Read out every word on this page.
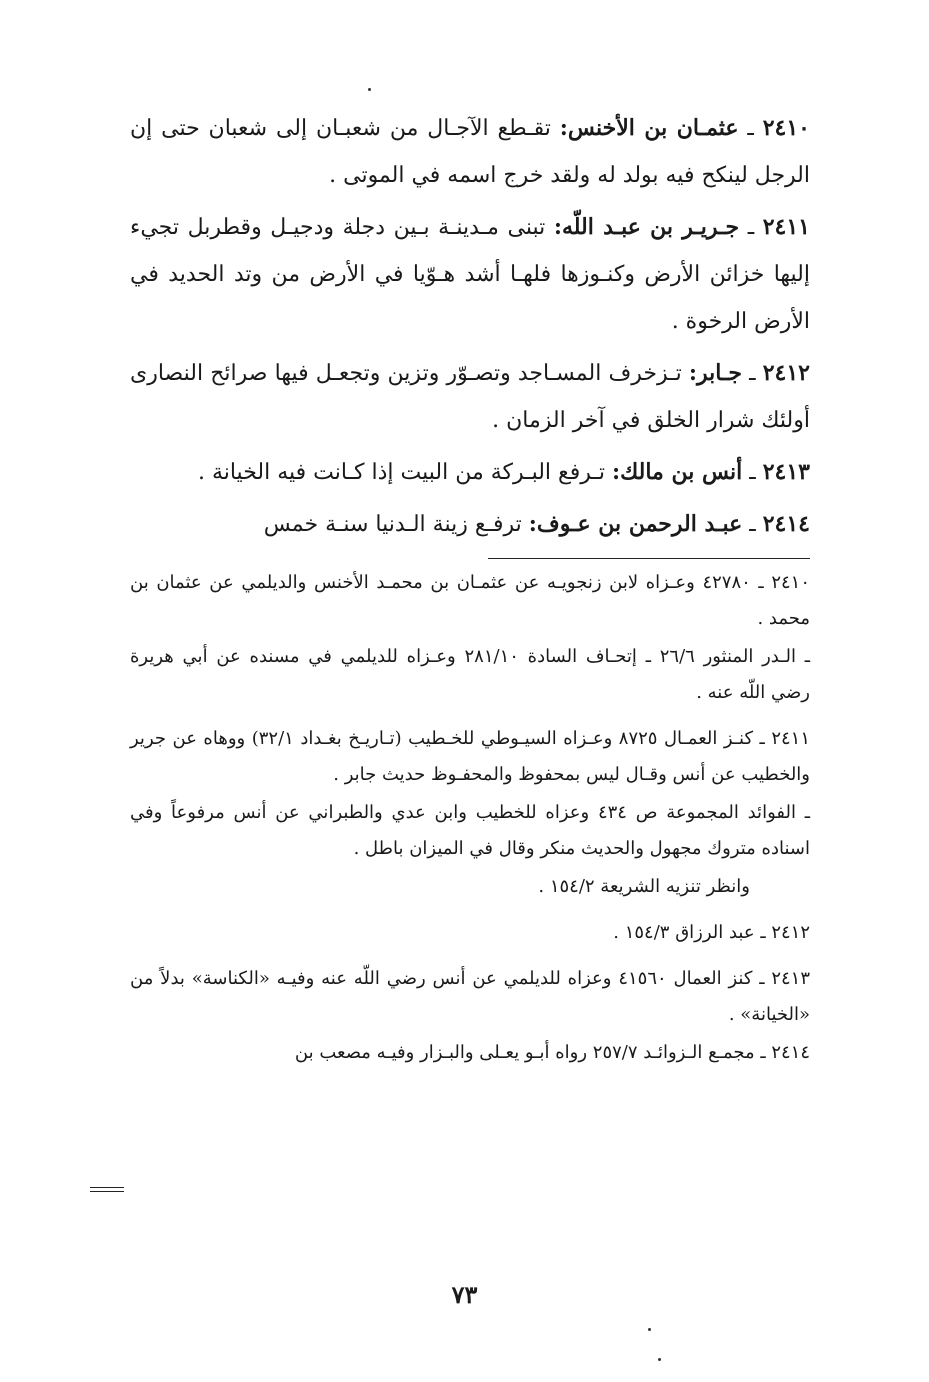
٢٤١٠ ـ عثمـان بن الأخنس: تقـطع الآجـال من شعبـان إلى شعبان حتى إن الرجل لينكح فيه بولد له ولقد خرج اسمه في الموتى .

٢٤١١ ـ جـريـر بن عبـد اللّه: تبنى مـدينـة بـين دجلة ودجيـل وقطربل تجيء إليها خزائن الأرض وكنـوزها فلهـا أشد هـوّيا في الأرض من وتد الحديد في الأرض الرخوة .

٢٤١٢ ـ جـابر: تـزخرف المسـاجد وتصـوّر وتزين وتجعـل فيها صرائح النصارى أولئك شرار الخلق في آخر الزمان .

٢٤١٣ ـ أنس بن مالك: تـرفع البـركة من البيت إذا كـانت فيه الخيانة .

٢٤١٤ ـ عبـد الرحمن بن عـوف: ترفـع زينة الـدنيا سنـة خمس

٢٤١٠ ـ ٤٢٧٨٠ وعـزاه لابن زنجويـه عن عثمـان بن محمـد الأخنس والديلمي عن عثمان بن محمد .

ـ الـدر المنثور ٢٦/٦ ـ إتحـاف السادة ٢٨١/١٠ وعـزاه للديلمي في مسنده عن أبي هريرة رضي اللّه عنه .

٢٤١١ ـ كنـز العمـال ٨٧٢٥ وعـزاه السيـوطي للخـطيب (تـاريـخ بغـداد ٣٢/١) ووهاه عن جرير والخطيب عن أنس وقـال ليس بمحفوظ والمحفـوظ حديث جابر .

ـ الفوائد المجموعة ص ٤٣٤ وعزاه للخطيب وابن عدي والطبراني عن أنس مرفوعاً وفي اسناده متروك مجهول والحديث منكر وقال في الميزان باطل .

وانظر تنزيه الشريعة ١٥٤/٢ .

٢٤١٢ ـ عبد الرزاق ١٥٤/٣ .

٢٤١٣ ـ كنز العمال ٤١٥٦٠ وعزاه للديلمي عن أنس رضي اللّه عنه وفيـه «الكناسة» بدلاً من «الخيانة» .

٢٤١٤ ـ مجمـع الـزوائـد ٢٥٧/٧ رواه أبـو يعـلى والبـزار وفيـه مصعب بن

٧٣
